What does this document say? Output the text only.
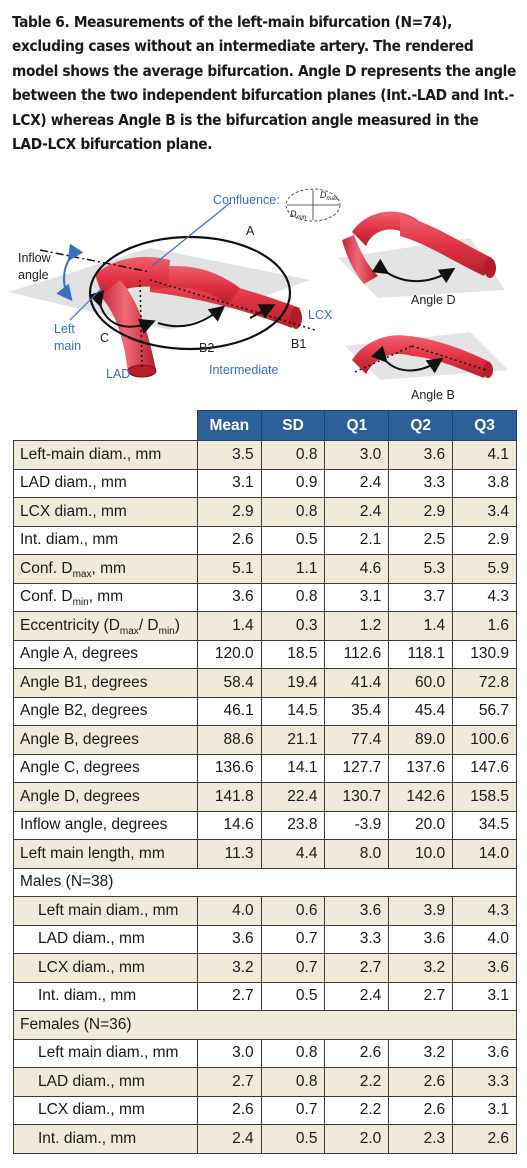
Table 6. Measurements of the left-main bifurcation (N=74), excluding cases without an intermediate artery. The rendered model shows the average bifurcation. Angle D represents the angle between the two independent bifurcation planes (Int.-LAD and Int.-LCX) whereas Angle B is the bifurcation angle measured in the LAD-LCX bifurcation plane.
Confluence:	$D_{max}$
$D_{min}$
A
Inflow
angle
Left
main
C
LAD
B2
Intermediate
B1
LCX
Angle D
Angle B
	Mean	SD	Q1	Q2	Q3
Left-main diam., mm	3.5	0.8	3.0	3.6	4.1
LAD diam., mm	3.1	0.9	2.4	3.3	3.8
LCX diam., mm	2.9	0.8	2.4	2.9	3.4
Int. diam., mm	2.6	0.5	2.1	2.5	2.9
Conf. $D_{max}$, mm	5.1	1.1	4.6	5.3	5.9
Conf. $D_{min}$, mm	3.6	0.8	3.1	3.7	4.3
Eccentricity ($D_{max}/$ $D_{min}$)	1.4	0.3	1.2	1.4	1.6
Angle A, degrees	120.0	18.5	112.6	118.1	130.9
Angle B1, degrees	58.4	19.4	41.4	60.0	72.8
Angle B2, degrees	46.1	14.5	35.4	45.4	56.7
Angle B, degrees	88.6	21.1	77.4	89.0	100.6
Angle C, degrees	136.6	14.1	127.7	137.6	147.6
Angle D, degrees	141.8	22.4	130.7	142.6	158.5
Inflow angle, degrees	14.6	23.8	-3.9	20.0	34.5
Left main length, mm	11.3	4.4	8.0	10.0	14.0
Males (N=38)					
Left main diam., mm	4.0	0.6	3.6	3.9	4.3
LAD diam., mm	3.6	0.7	3.3	3.6	4.0
LCX diam., mm	3.2	0.7	2.7	3.2	3.6
Int. diam., mm	2.7	0.5	2.4	2.7	3.1
Females (N=36)					
Left main diam., mm	3.0	0.8	2.6	3.2	3.6
LAD diam., mm	2.7	0.8	2.2	2.6	3.3
LCX diam., mm	2.6	0.7	2.2	2.6	3.1
Int. diam., mm	2.4	0.5	2.0	2.3	2.6
